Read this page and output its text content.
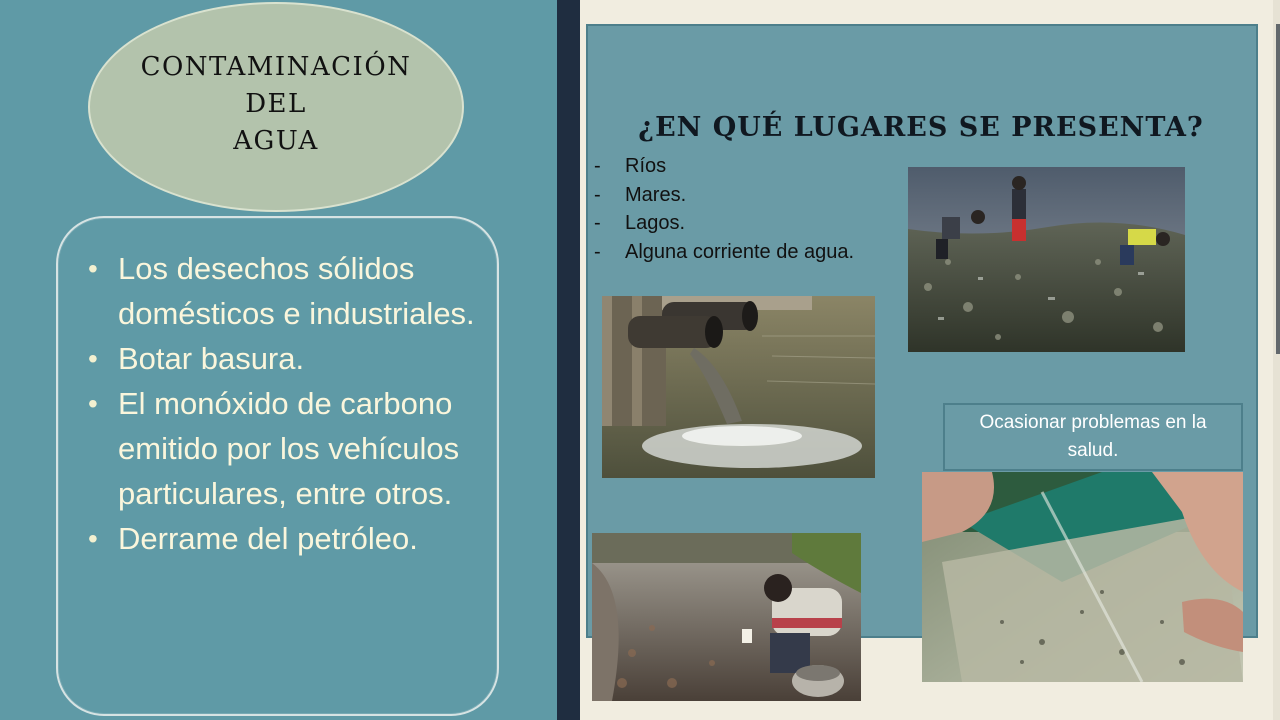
CONTAMINACIÓN
DEL
AGUA
• Los desechos sólidos domésticos e industriales.
• Botar basura.
• El monóxido de carbono emitido por los vehículos particulares, entre otros.
• Derrame del petróleo.
¿EN QUÉ LUGARES SE PRESENTA?
- Ríos
- Mares.
- Lagos.
- Alguna corriente de agua.
Ocasionar problemas en la salud.
